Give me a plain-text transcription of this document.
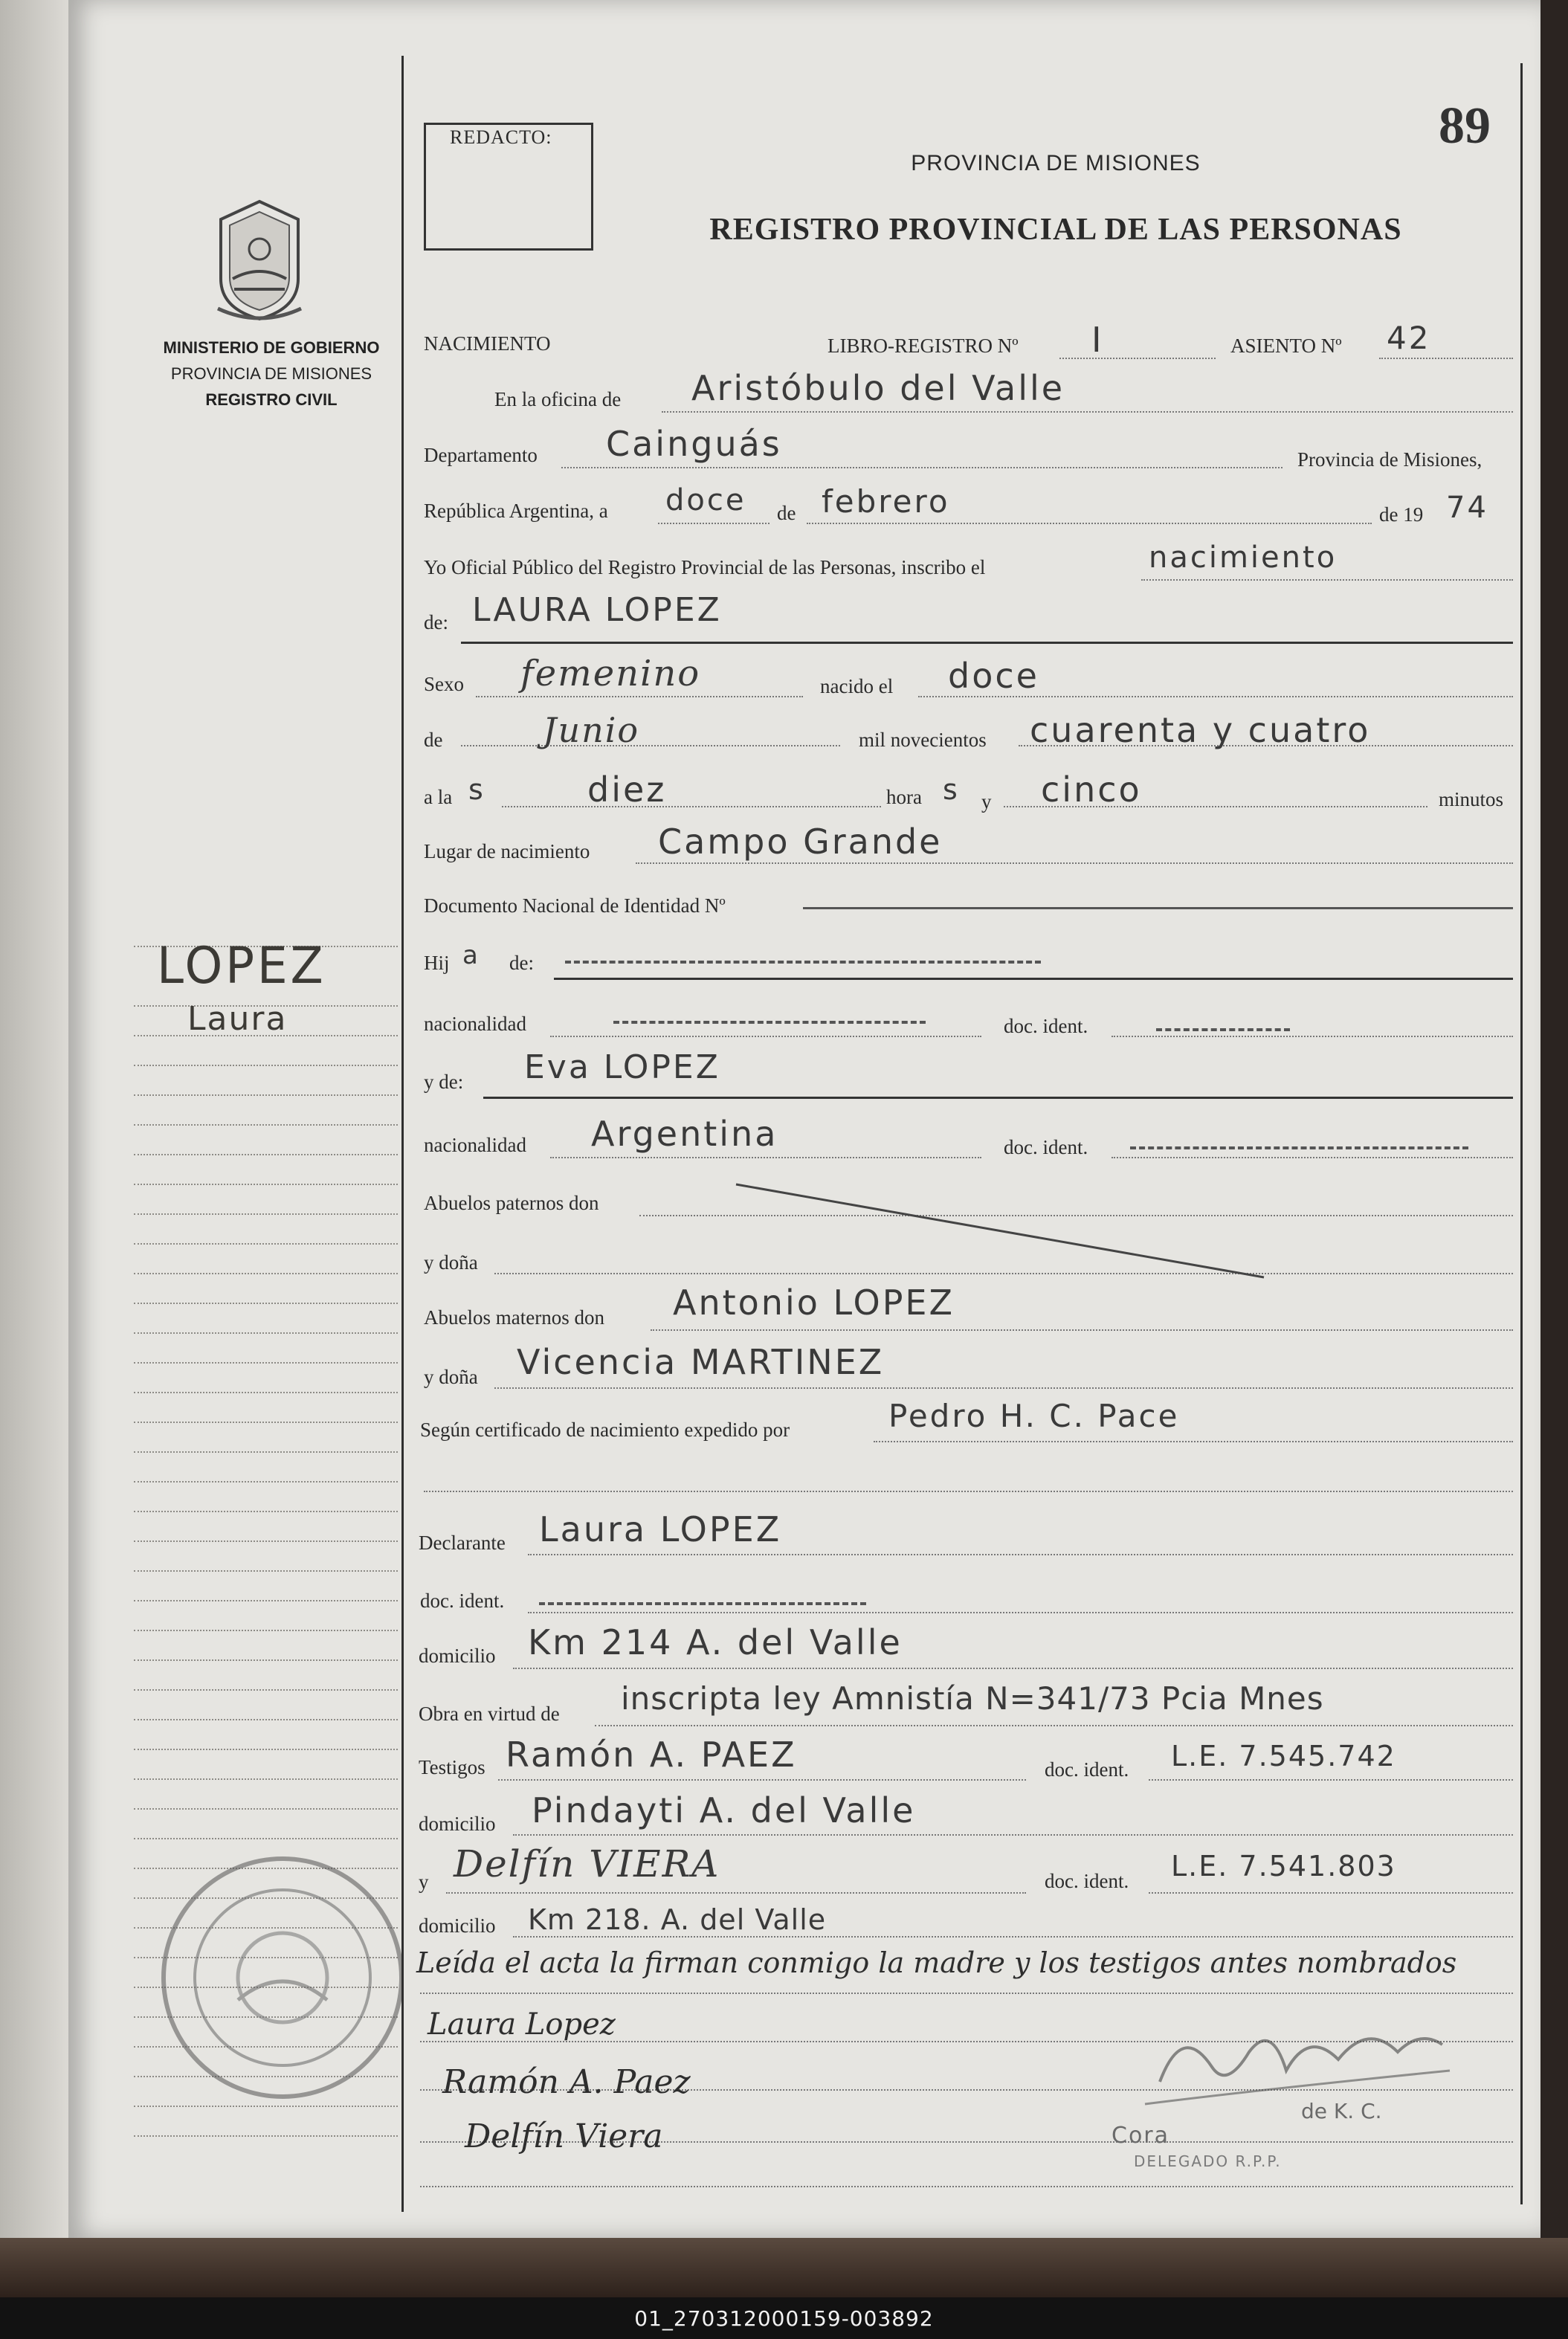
01_270312000159-003892
MINISTERIO DE GOBIERNO
PROVINCIA DE MISIONES
REGISTRO CIVIL
LOPEZ
Laura
REDACTO:	89
PROVINCIA DE MISIONES
REGISTRO PROVINCIAL DE LAS PERSONAS
NACIMIENTO	LIBRO-REGISTRO Nº I	ASIENTO Nº 42
En la oficina de Aristóbulo del Valle
Departamento Cainguás	Provincia de Misiones,
República Argentina, a doce de febrero	de 19 74
Yo Oficial Público del Registro Provincial de las Personas, inscribo el	nacimiento
de: LAURA LOPEZ
Sexo femenino	nacido el doce
de	Junio	mil novecientos cuarenta y cuatro
a la s	diez	hora s y cinco	minutos
Lugar de nacimiento Campo Grande
Documento Nacional de Identidad Nº
Hij a de:
nacionalidad	doc. ident.
y de: Eva LOPEZ
nacionalidad Argentina	doc. ident.
Abuelos paternos don
y doña
Abuelos maternos don Antonio LOPEZ
y doña Vicencia MARTINEZ
Según certificado de nacimiento expedido por	Pedro H. C. Pace
Declarante Laura LOPEZ
doc. ident.
domicilio Km 214 A. del Valle
Obra en virtud de inscripta ley Amnistía N=341/73 Pcia Mnes
Testigos Ramón A. PAEZ	doc. ident. L.E. 7.545.742
domicilio Pindayti A. del Valle
y Delfín VIERA	doc. ident. L.E. 7.541.803
domicilio Km 218. A. del Valle
Leída el acta la firman conmigo la madre y los testigos antes nombrados
Laura Lopez
Ramón A. Paez
Delfín Viera	Cora
de K. C.
DELEGADO R.P.P.
